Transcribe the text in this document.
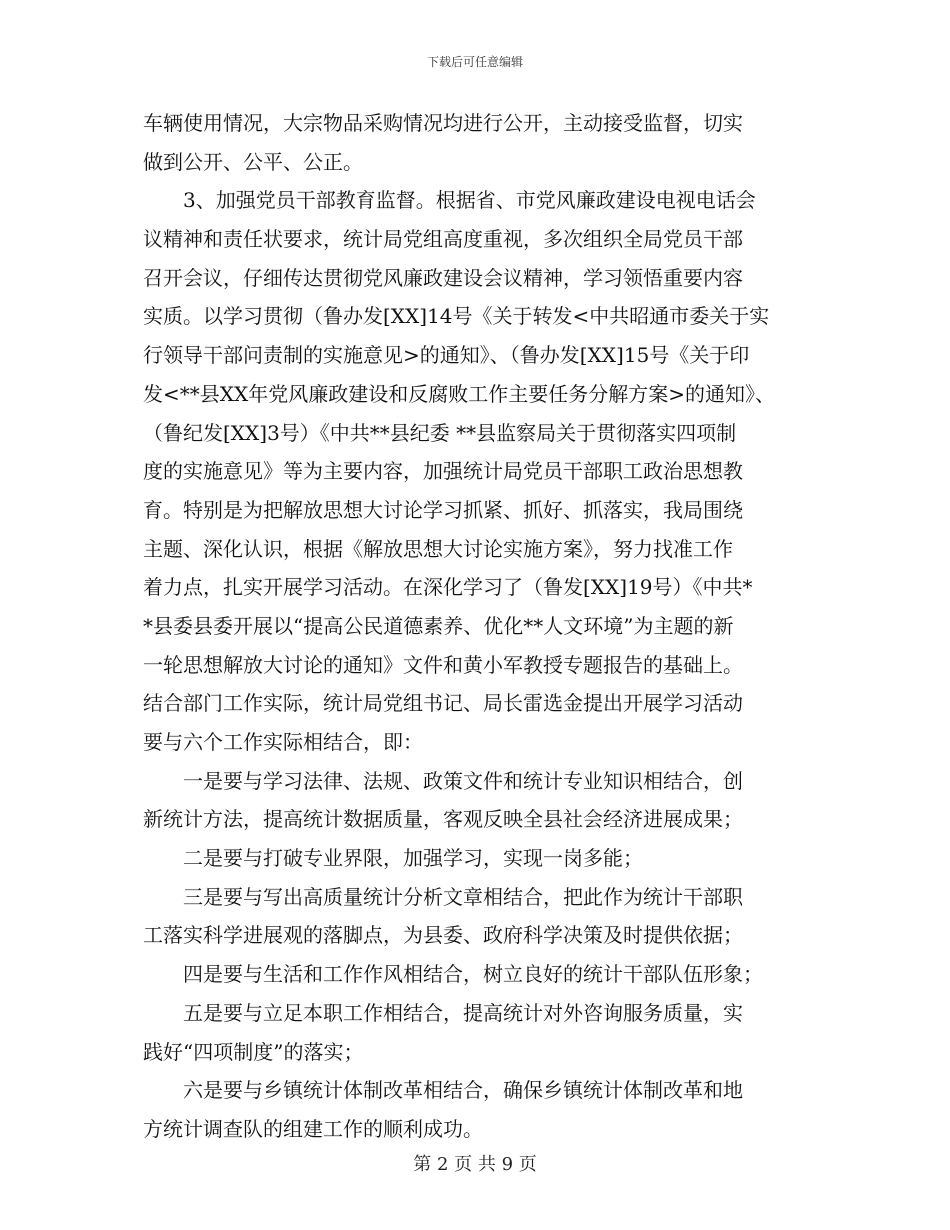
下载后可任意编辑
车辆使用情况，大宗物品采购情况均进行公开，主动接受监督，切实
做到公开、公平、公正。
3、加强党员干部教育监督。根据省、市党风廉政建设电视电话会
议精神和责任状要求，统计局党组高度重视，多次组织全局党员干部
召开会议，仔细传达贯彻党风廉政建设会议精神，学习领悟重要内容
实质。以学习贯彻（鲁办发[XX]14号《关于转发<中共昭通市委关于实
行领导干部问责制的实施意见>的通知》、（鲁办发[XX]15号《关于印
发<**县XX年党风廉政建设和反腐败工作主要任务分解方案>的通知》、
（鲁纪发[XX]3号）《中共**县纪委 **县监察局关于贯彻落实四项制
度的实施意见》等为主要内容，加强统计局党员干部职工政治思想教
育。特别是为把解放思想大讨论学习抓紧、抓好、抓落实，我局围绕
主题、深化认识，根据《解放思想大讨论实施方案》，努力找准工作
着力点，扎实开展学习活动。在深化学习了（鲁发[XX]19号）《中共*
*县委县委开展以“提高公民道德素养、优化**人文环境”为主题的新
一轮思想解放大讨论的通知》文件和黄小军教授专题报告的基础上。
结合部门工作实际，统计局党组书记、局长雷选金提出开展学习活动
要与六个工作实际相结合，即：
一是要与学习法律、法规、政策文件和统计专业知识相结合，创
新统计方法，提高统计数据质量，客观反映全县社会经济进展成果；
二是要与打破专业界限，加强学习，实现一岗多能；
三是要与写出高质量统计分析文章相结合，把此作为统计干部职
工落实科学进展观的落脚点，为县委、政府科学决策及时提供依据；
四是要与生活和工作作风相结合，树立良好的统计干部队伍形象；
五是要与立足本职工作相结合，提高统计对外咨询服务质量，实
践好“四项制度”的落实；
六是要与乡镇统计体制改革相结合，确保乡镇统计体制改革和地
方统计调查队的组建工作的顺利成功。
第 2 页 共 9 页
